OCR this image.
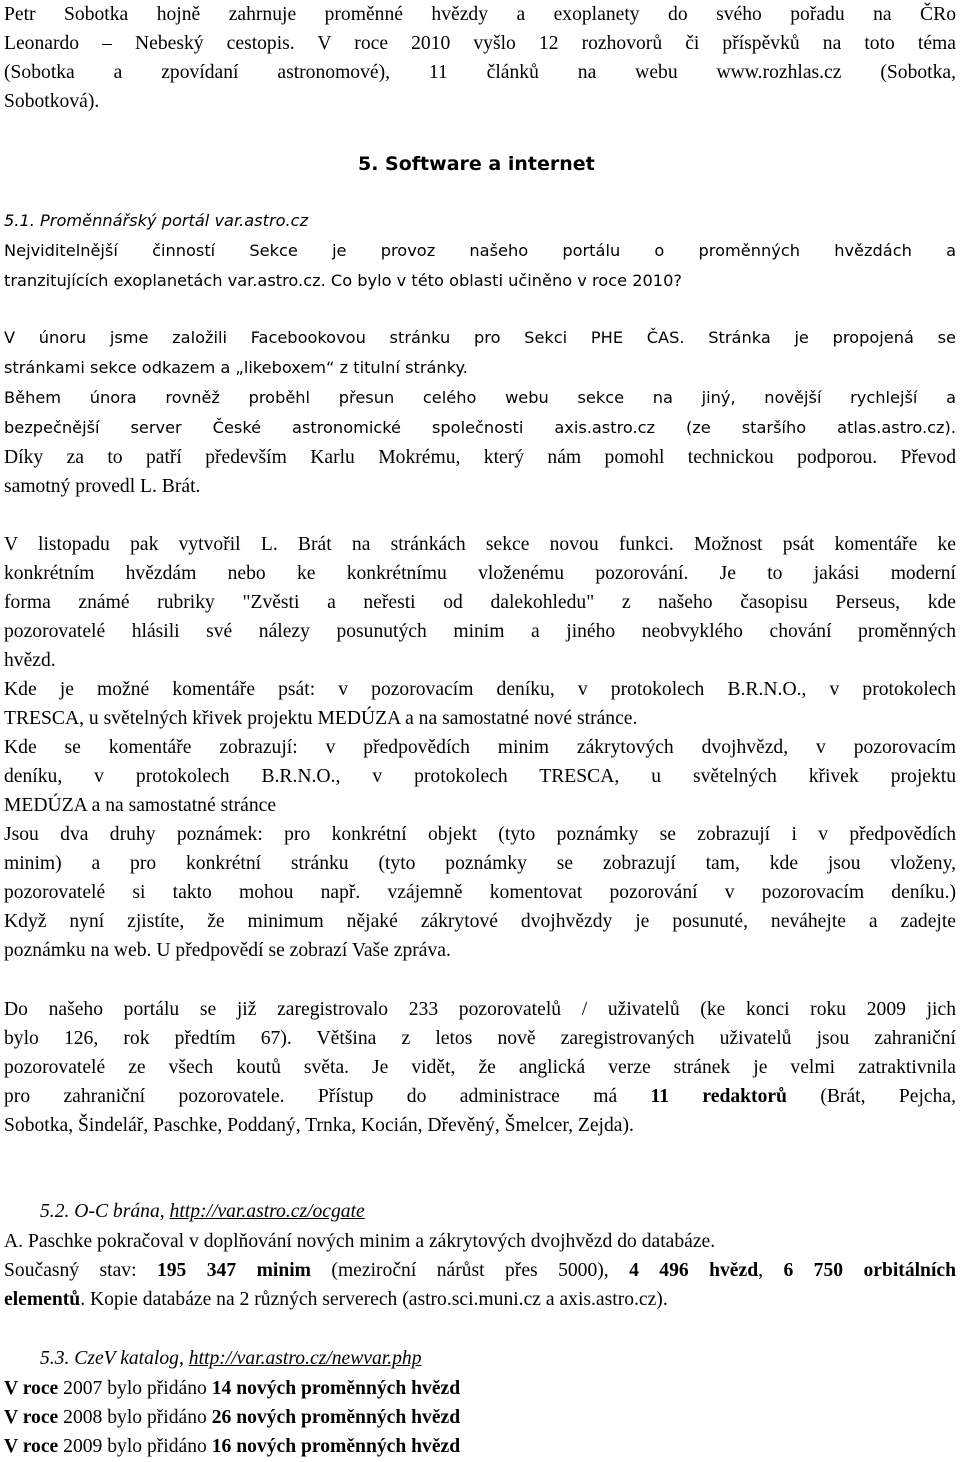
Petr Sobotka hojně zahrnuje proměnné hvězdy a exoplanety do svého pořadu na ČRo
Leonardo – Nebeský cestopis. V roce 2010 vyšlo 12 rozhovorů či příspěvků na toto téma
(Sobotka a zpovídaní astronomové), 11 článků na webu www.rozhlas.cz (Sobotka,
Sobotková).
5. Software a internet
5.1. Proměnnářský portál var.astro.cz
Nejviditelnější činností Sekce je provoz našeho portálu o proměnných hvězdách a
tranzitujících exoplanetách var.astro.cz. Co bylo v této oblasti učiněno v roce 2010?
V únoru jsme založili Facebookovou stránku pro Sekci PHE ČAS. Stránka je propojená se
stránkami sekce odkazem a „likeboxem“ z titulní stránky.
Během února rovněž proběhl přesun celého webu sekce na jiný, novější rychlejší a
bezpečnější server České astronomické společnosti axis.astro.cz (ze staršího atlas.astro.cz).
Díky za to patří především Karlu Mokrému, který nám pomohl technickou podporou. Převod
samotný provedl L. Brát.
V listopadu pak vytvořil L. Brát na stránkách sekce novou funkci. Možnost psát komentáře ke
konkrétním hvězdám nebo ke konkrétnímu vloženému pozorování. Je to jakási moderní
forma známé rubriky "Zvěsti a neřesti od dalekohledu" z našeho časopisu Perseus, kde
pozorovatelé hlásili své nálezy posunutých minim a jiného neobvyklého chování proměnných
hvězd.
Kde je možné komentáře psát: v pozorovacím deníku, v protokolech B.R.N.O., v protokolech
TRESCA, u světelných křivek projektu MEDÚZA a na samostatné nové stránce.
Kde se komentáře zobrazují: v předpovědích minim zákrytových dvojhvězd, v pozorovacím
deníku, v protokolech B.R.N.O., v protokolech TRESCA, u světelných křivek projektu
MEDÚZA a na samostatné stránce
Jsou dva druhy poznámek: pro konkrétní objekt (tyto poznámky se zobrazují i v předpovědích
minim) a pro konkrétní stránku (tyto poznámky se zobrazují tam, kde jsou vloženy,
pozorovatelé si takto mohou např. vzájemně komentovat pozorování v pozorovacím deníku.)
Když nyní zjistíte, že minimum nějaké zákrytové dvojhvězdy je posunuté, neváhejte a zadejte
poznámku na web. U předpovědí se zobrazí Vaše zpráva.
Do našeho portálu se již zaregistrovalo 233 pozorovatelů / uživatelů (ke konci roku 2009 jich
bylo 126, rok předtím 67). Většina z letos nově zaregistrovaných uživatelů jsou zahraniční
pozorovatelé ze všech koutů světa. Je vidět, že anglická verze stránek je velmi zatraktivnila
pro zahraniční pozorovatele. Přístup do administrace má 11 redaktorů (Brát, Pejcha,
Sobotka, Šindelář, Paschke, Poddaný, Trnka, Kocián, Dřevěný, Šmelcer, Zejda).
5.2. O-C brána, http://var.astro.cz/ocgate
A. Paschke pokračoval v doplňování nových minim a zákrytových dvojhvězd do databáze.
Současný stav: 195 347 minim (meziroční nárůst přes 5000), 4 496 hvězd, 6 750 orbitálních
elementů. Kopie databáze na 2 různých serverech (astro.sci.muni.cz a axis.astro.cz).
5.3. CzeV katalog, http://var.astro.cz/newvar.php
V roce 2007 bylo přidáno 14 nových proměnných hvězd
V roce 2008 bylo přidáno 26 nových proměnných hvězd
V roce 2009 bylo přidáno 16 nových proměnných hvězd
